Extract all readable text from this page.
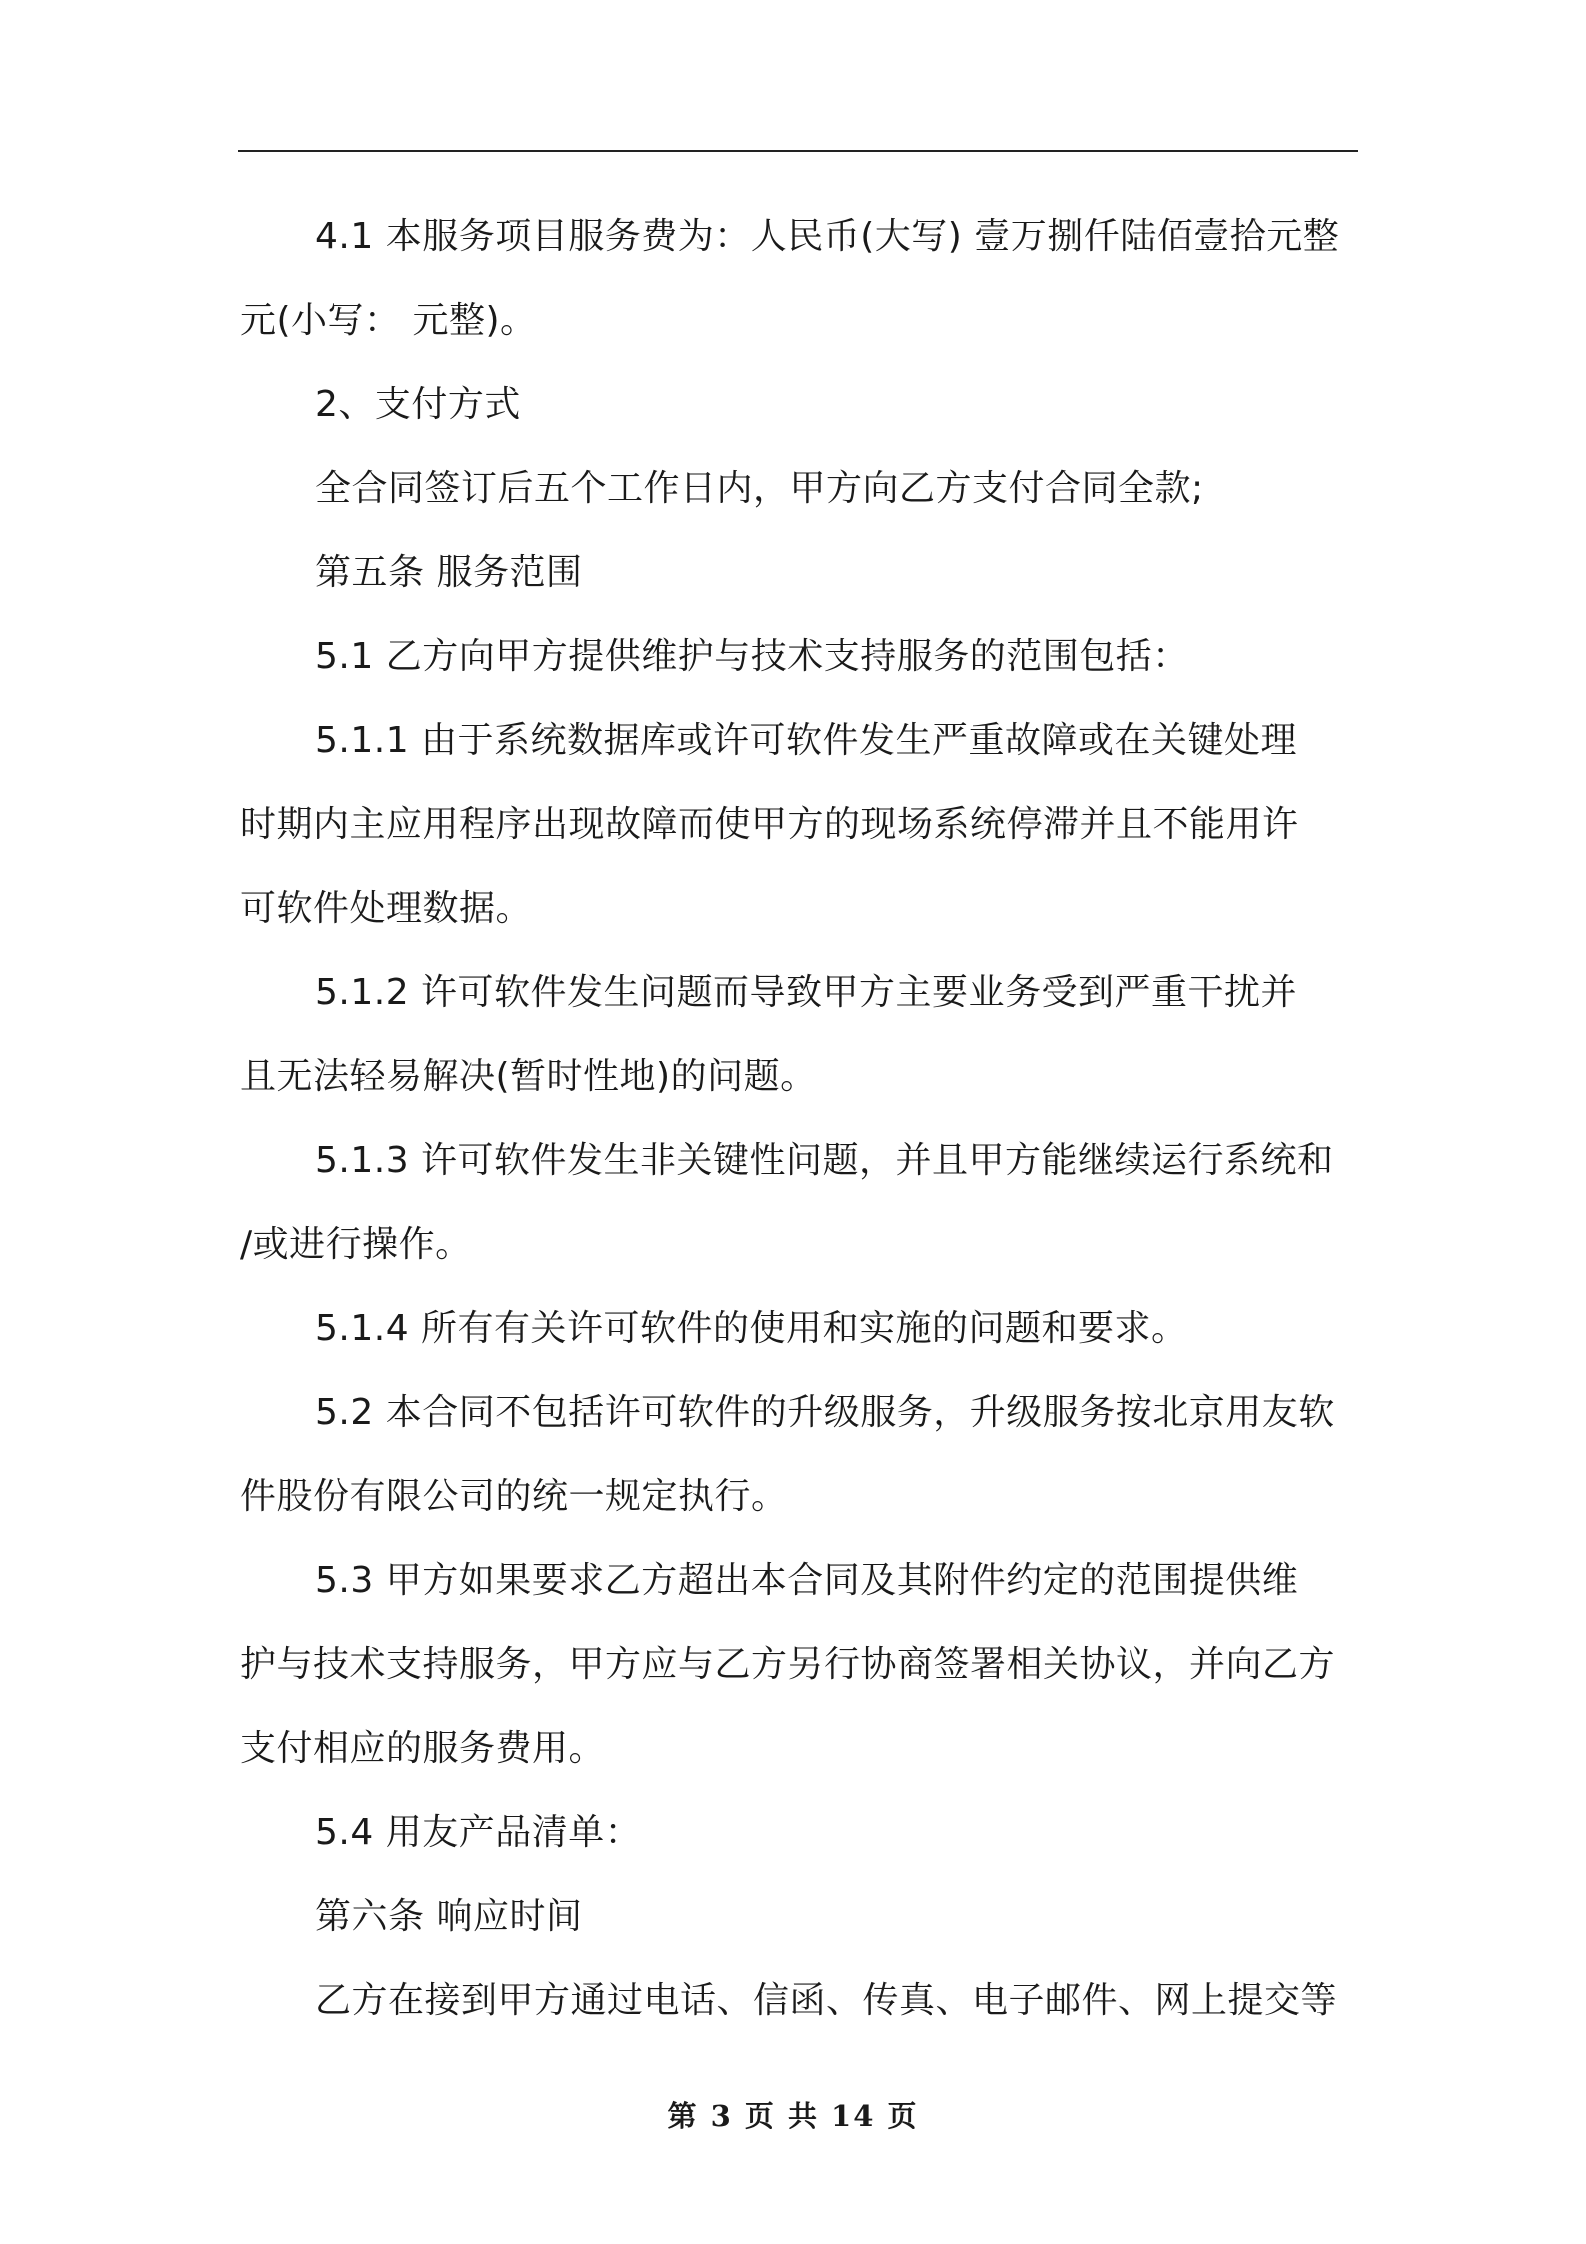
4.1 本服务项目服务费为：人民币(大写) 壹万捌仟陆佰壹拾元整
元(小写： 元整)。
2、支付方式
全合同签订后五个工作日内，甲方向乙方支付合同全款;
第五条 服务范围
5.1 乙方向甲方提供维护与技术支持服务的范围包括：
5.1.1 由于系统数据库或许可软件发生严重故障或在关键处理
时期内主应用程序出现故障而使甲方的现场系统停滞并且不能用许
可软件处理数据。
5.1.2 许可软件发生问题而导致甲方主要业务受到严重干扰并
且无法轻易解决(暂时性地)的问题。
5.1.3 许可软件发生非关键性问题，并且甲方能继续运行系统和
/或进行操作。
5.1.4 所有有关许可软件的使用和实施的问题和要求。
5.2 本合同不包括许可软件的升级服务，升级服务按北京用友软
件股份有限公司的统一规定执行。
5.3 甲方如果要求乙方超出本合同及其附件约定的范围提供维
护与技术支持服务，甲方应与乙方另行协商签署相关协议，并向乙方
支付相应的服务费用。
5.4 用友产品清单：
第六条 响应时间
乙方在接到甲方通过电话、信函、传真、电子邮件、网上提交等
第 3 页 共 14 页
